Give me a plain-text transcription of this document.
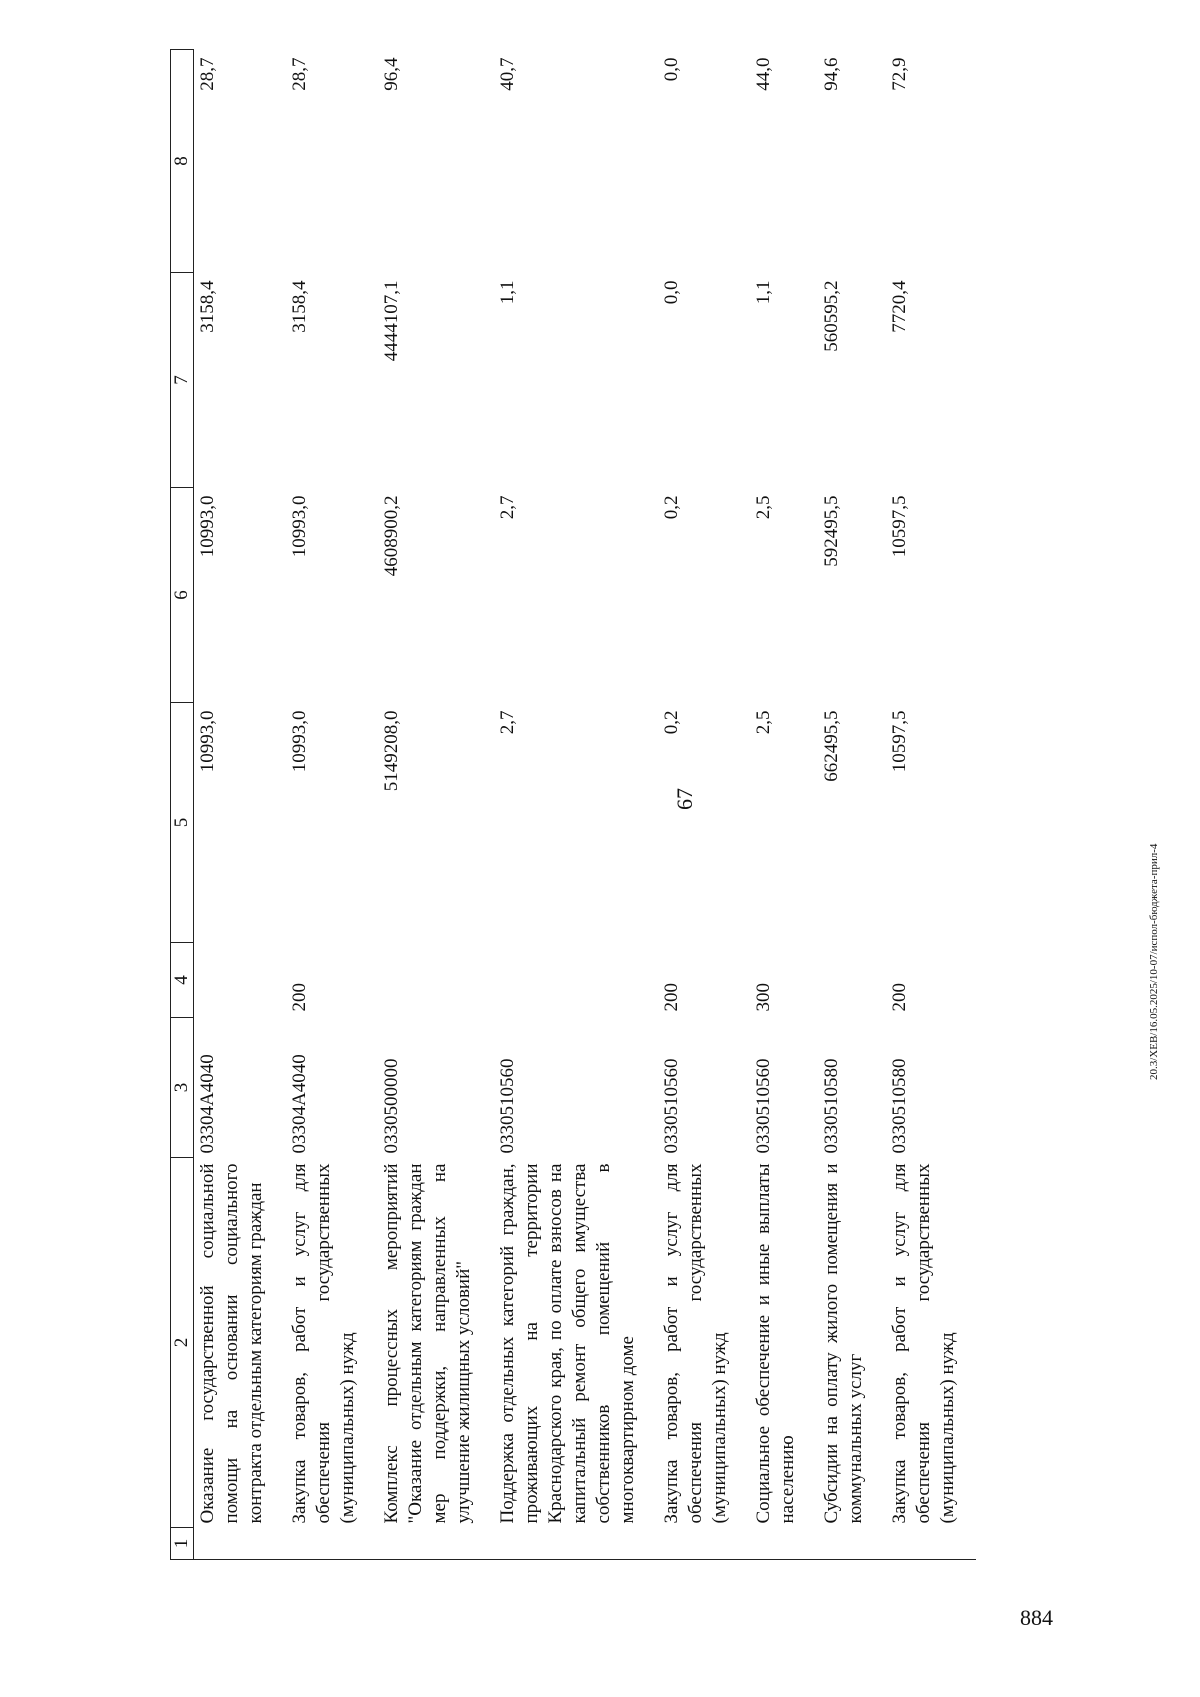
67
1	2	3	4	5	6	7	8
	Оказание государственной социальной помощи на основании социального контракта отдельным категориям граждан	03304А4040		10993,0	10993,0	3158,4	28,7
	Закупка товаров, работ и услуг для обеспечения государственных (муниципальных) нужд	03304А4040	200	10993,0	10993,0	3158,4	28,7
	Комплекс процессных мероприятий "Оказание отдельным категориям граждан мер поддержки, направленных на улучшение жилищных условий"	0330500000		5149208,0	4608900,2	4444107,1	96,4
	Поддержка отдельных категорий граждан, проживающих на территории Краснодарского края, по оплате взносов на капитальный ремонт общего имущества собственников помещений в многоквартирном доме	0330510560		2,7	2,7	1,1	40,7
	Закупка товаров, работ и услуг для обеспечения государственных (муниципальных) нужд	0330510560	200	0,2	0,2	0,0	0,0
	Социальное обеспечение и иные выплаты населению	0330510560	300	2,5	2,5	1,1	44,0
	Субсидии на оплату жилого помещения и коммунальных услуг	0330510580		662495,5	592495,5	560595,2	94,6
	Закупка товаров, работ и услуг для обеспечения государственных (муниципальных) нужд	0330510580	200	10597,5	10597,5	7720,4	72,9
20.3/XEB/16.05.2025/10-07/испол-бюджета-прил-4
884
